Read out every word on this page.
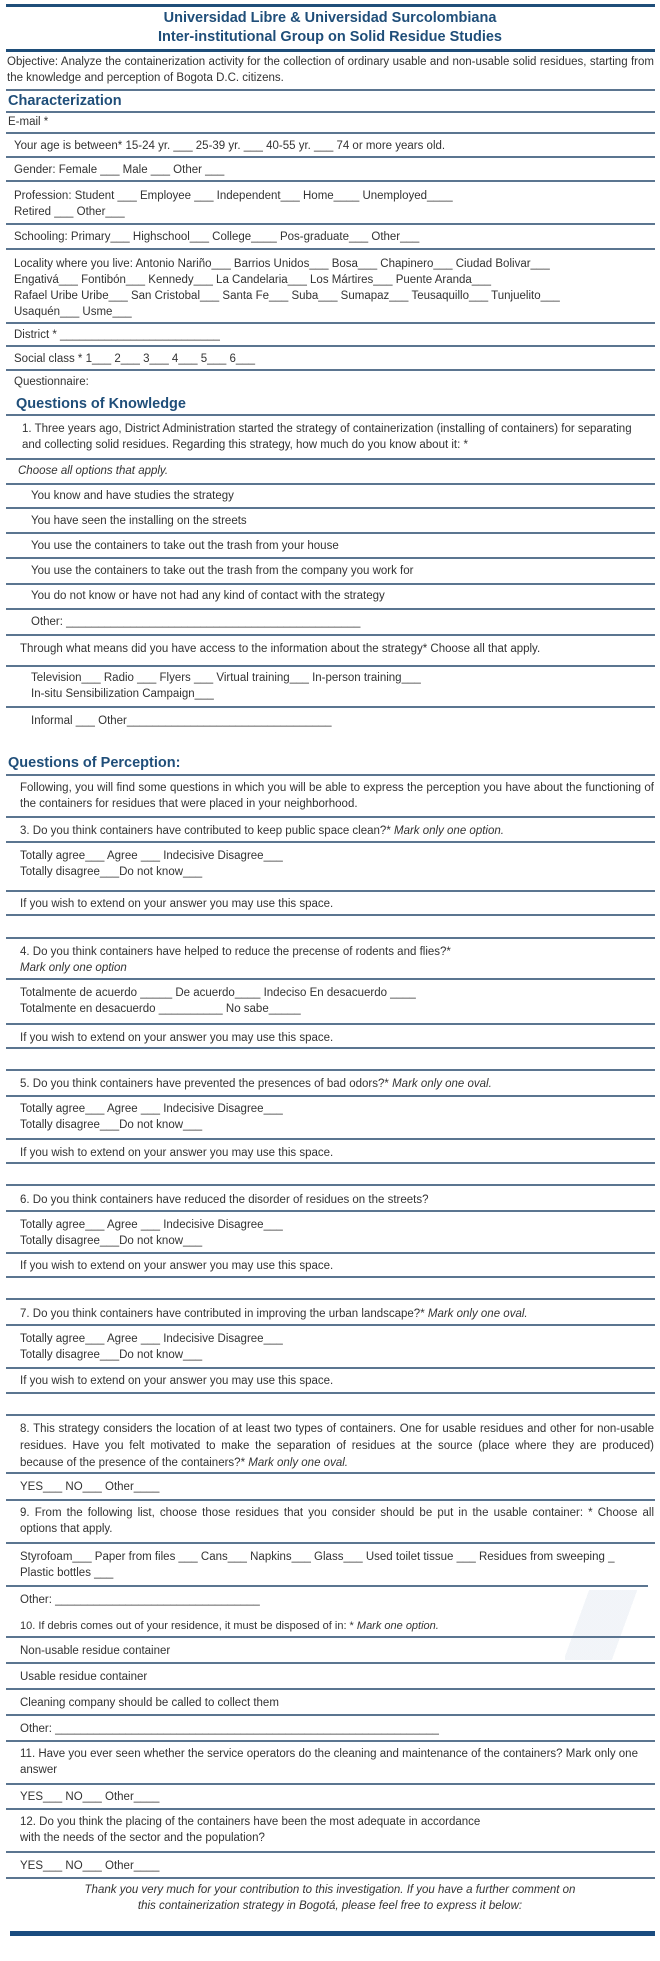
Universidad Libre & Universidad Surcolombiana
Inter-institutional Group on Solid Residue Studies
Objective: Analyze the containerization activity for the collection of ordinary usable and non-usable solid residues, starting from the knowledge and perception of Bogota D.C. citizens.
Characterization
E-mail *
Your age is between* 15-24 yr. ___ 25-39 yr. ___ 40-55 yr. ___ 74 or more years old.
Gender: Female ___ Male ___ Other ___
Profession: Student ___ Employee ___ Independent___ Home____ Unemployed____
Retired ___ Other___
Schooling: Primary___ Highschool___ College____ Pos-graduate___ Other___
Locality where you live: Antonio Nariño___ Barrios Unidos___ Bosa___ Chapinero___ Ciudad Bolivar___
Engativá___ Fontibón___ Kennedy___ La Candelaria___ Los Mártires___ Puente Aranda___
Rafael Uribe Uribe___ San Cristobal___ Santa Fe___ Suba___ Sumapaz___ Teusaquillo___ Tunjuelito___
Usaquén___ Usme___
District * _________________________
Social class * 1___ 2___ 3___ 4___ 5___ 6___
Questionnaire:
Questions of Knowledge
1. Three years ago, District Administration started the strategy of containerization (installing of containers) for separating and collecting solid residues. Regarding this strategy, how much do you know about it: *
Choose all options that apply.
You know and have studies the strategy
You have seen the installing on the streets
You use the containers to take out the trash from your house
You use the containers to take out the trash from the company you work for
You do not know or have not had any kind of contact with the strategy
Other: ______________________________________________
Through what means did you have access to the information about the strategy* Choose all that apply.
Television___ Radio ___ Flyers ___ Virtual training___ In-person training___
In-situ Sensibilization Campaign___
Informal ___ Other________________________________
Questions of Perception:
Following, you will find some questions in which you will be able to express the perception you have about the functioning of the containers for residues that were placed in your neighborhood.
3. Do you think containers have contributed to keep public space clean?* Mark only one option.
Totally agree___ Agree ___ Indecisive Disagree___
Totally disagree___Do not know___
If you wish to extend on your answer you may use this space.
4. Do you think containers have helped to reduce the precense of rodents and flies?*
Mark only one option
Totalmente de acuerdo _____ De acuerdo____ Indeciso En desacuerdo ____
Totalmente en desacuerdo __________ No sabe_____
If you wish to extend on your answer you may use this space.
5. Do you think containers have prevented the presences of bad odors?* Mark only one oval.
Totally agree___ Agree ___ Indecisive Disagree___
Totally disagree___Do not know___
If you wish to extend on your answer you may use this space.
6. Do you think containers have reduced the disorder of residues on the streets?
Totally agree___ Agree ___ Indecisive Disagree___
Totally disagree___Do not know___
If you wish to extend on your answer you may use this space.
7. Do you think containers have contributed in improving the urban landscape?* Mark only one oval.
Totally agree___ Agree ___ Indecisive Disagree___
Totally disagree___Do not know___
If you wish to extend on your answer you may use this space.
8. This strategy considers the location of at least two types of containers. One for usable residues and other for non-usable residues. Have you felt motivated to make the separation of residues at the source (place where they are produced) because of the presence of the containers?* Mark only one oval.
YES___ NO___ Other____
9. From the following list, choose those residues that you consider should be put in the usable container: * Choose all options that apply.
Styrofoam___ Paper from files ___ Cans___ Napkins___ Glass___ Used toilet tissue ___ Residues from sweeping _
Plastic bottles ___
Other: ________________________________
10. If debris comes out of your residence, it must be disposed of in: * Mark one option.
Non-usable residue container
Usable residue container
Cleaning company should be called to collect them
Other: ____________________________________________________________
11. Have you ever seen whether the service operators do the cleaning and maintenance of the containers? Mark only one answer
YES___ NO___ Other____
12. Do you think the placing of the containers have been the most adequate in accordance
with the needs of the sector and the population?
YES___ NO___ Other____
Thank you very much for your contribution to this investigation. If you have a further comment on
this containerization strategy in Bogotá, please feel free to express it below:
